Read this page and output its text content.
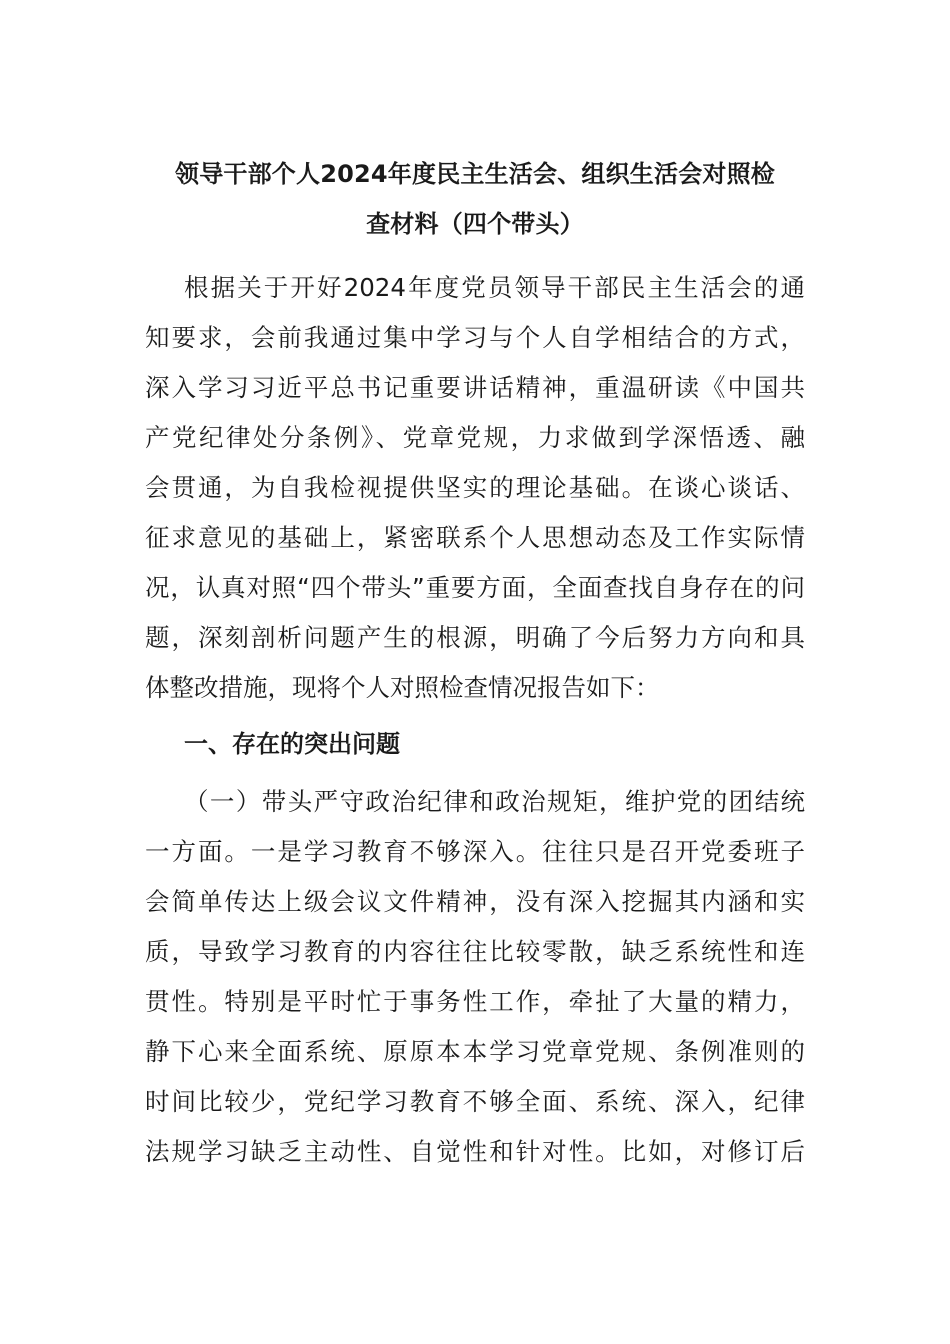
领导干部个人2024年度民主生活会、组织生活会对照检
查材料（四个带头）
根据关于开好2024年度党员领导干部民主生活会的通
知要求，会前我通过集中学习与个人自学相结合的方式，
深入学习习近平总书记重要讲话精神，重温研读《中国共
产党纪律处分条例》、党章党规，力求做到学深悟透、融
会贯通，为自我检视提供坚实的理论基础。在谈心谈话、
征求意见的基础上，紧密联系个人思想动态及工作实际情
况，认真对照“四个带头”重要方面，全面查找自身存在的问
题，深刻剖析问题产生的根源，明确了今后努力方向和具
体整改措施，现将个人对照检查情况报告如下：
一、存在的突出问题
（一）带头严守政治纪律和政治规矩，维护党的团结统
一方面。一是学习教育不够深入。往往只是召开党委班子
会简单传达上级会议文件精神，没有深入挖掘其内涵和实
质，导致学习教育的内容往往比较零散，缺乏系统性和连
贯性。特别是平时忙于事务性工作，牵扯了大量的精力，
静下心来全面系统、原原本本学习党章党规、条例准则的
时间比较少，党纪学习教育不够全面、系统、深入，纪律
法规学习缺乏主动性、自觉性和针对性。比如，对修订后
